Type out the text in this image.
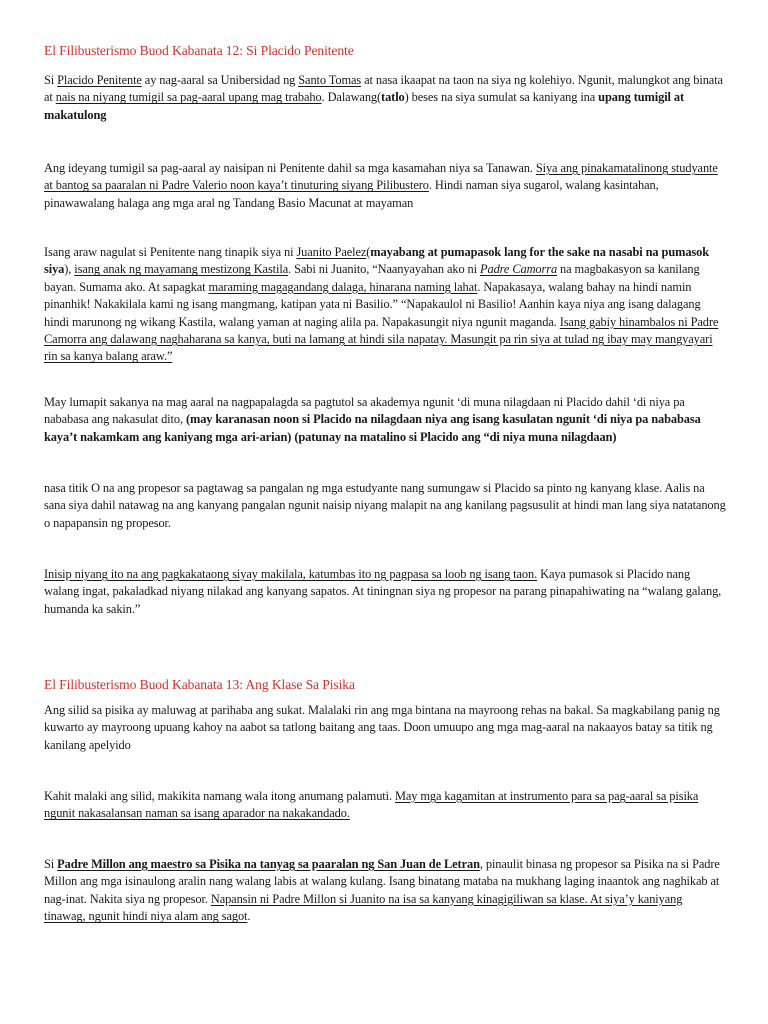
El Filibusterismo Buod Kabanata 12: Si Placido Penitente

Si Placido Penitente ay nag-aaral sa Unibersidad ng Santo Tomas at nasa ikaapat na taon na siya ng kolehiyo. Ngunit, malungkot ang binata at nais na niyang tumigil sa pag-aaral upang mag trabaho. Dalawang(tatlo) beses na siya sumulat sa kaniyang ina upang tumigil at makatulong

Ang ideyang tumigil sa pag-aaral ay naisipan ni Penitente dahil sa mga kasamahan niya sa Tanawan. Siya ang pinakamatalinong studyante at bantog sa paaralan ni Padre Valerio noon kaya’t tinuturing siyang Pilibustero. Hindi naman siya sugarol, walang kasintahan, pinawawalang halaga ang mga aral ng Tandang Basio Macunat at mayaman

Isang araw nagulat si Penitente nang tinapik siya ni Juanito Paelez(mayabang at pumapasok lang for the sake na nasabi na pumasok siya), isang anak ng mayamang mestizong Kastila. Sabi ni Juanito, “Naanyayahan ako ni Padre Camorra na magbakasyon sa kanilang bayan. Sumama ako. At sapagkat maraming magagandang dalaga, hinarana naming lahat. Napakasaya, walang bahay na hindi namin pinanhik! Nakakilala kami ng isang mangmang, katipan yata ni Basilio.” “Napakaulol ni Basilio! Aanhin kaya niya ang isang dalagang hindi marunong ng wikang Kastila, walang yaman at naging alila pa. Napakasungit niya ngunit maganda. Isang gabiy hinambalos ni Padre Camorra ang dalawang naghaharana sa kanya, buti na lamang at hindi sila napatay. Masungit pa rin siya at tulad ng ibay may mangyayari rin sa kanya balang araw.”

May lumapit sakanya na mag aaral na nagpapalagda sa pagtutol sa akademya ngunit ‘di muna nilagdaan ni Placido dahil ‘di niya pa nababasa ang nakasulat dito, (may karanasan noon si Placido na nilagdaan niya ang isang kasulatan ngunit ‘di niya pa nababasa kaya’t nakamkam ang kaniyang mga ari-arian) (patunay na matalino si Placido ang “di niya muna nilagdaan)

nasa titik O na ang propesor sa pagtawag sa pangalan ng mga estudyante nang sumungaw si Placido sa pinto ng kanyang klase. Aalis na sana siya dahil natawag na ang kanyang pangalan ngunit naisip niyang malapit na ang kanilang pagsusulit at hindi man lang siya natatanong o napapansin ng propesor.

Inisip niyang ito na ang pagkakataong siyay makilala, katumbas ito ng pagpasa sa loob ng isang taon. Kaya pumasok si Placido nang walang ingat, pakaladkad niyang nilakad ang kanyang sapatos. At tiningnan siya ng propesor na parang pinapahiwating na “walang galang, humanda ka sakin.”

El Filibusterismo Buod Kabanata 13: Ang Klase Sa Pisika

Ang silid sa pisika ay maluwag at parihaba ang sukat. Malalaki rin ang mga bintana na mayroong rehas na bakal. Sa magkabilang panig ng kuwarto ay mayroong upuang kahoy na aabot sa tatlong baitang ang taas. Doon umuupo ang mga mag-aaral na nakaayos batay sa titik ng kanilang apelyido

Kahit malaki ang silid, makikita namang wala itong anumang palamuti. May mga kagamitan at instrumento para sa pag-aaral sa pisika ngunit nakasalansan naman sa isang aparador na nakakandado.

Si Padre Millon ang maestro sa Pisika na tanyag sa paaralan ng San Juan de Letran, pinaulit binasa ng propesor sa Pisika na si Padre Millon ang mga isinaulong aralin nang walang labis at walang kulang. Isang binatang mataba na mukhang laging inaantok ang naghikab at nag-inat. Nakita siya ng propesor. Napansin ni Padre Millon si Juanito na isa sa kanyang kinagigiliwan sa klase. At siya’y kaniyang tinawag, ngunit hindi niya alam ang sagot.
